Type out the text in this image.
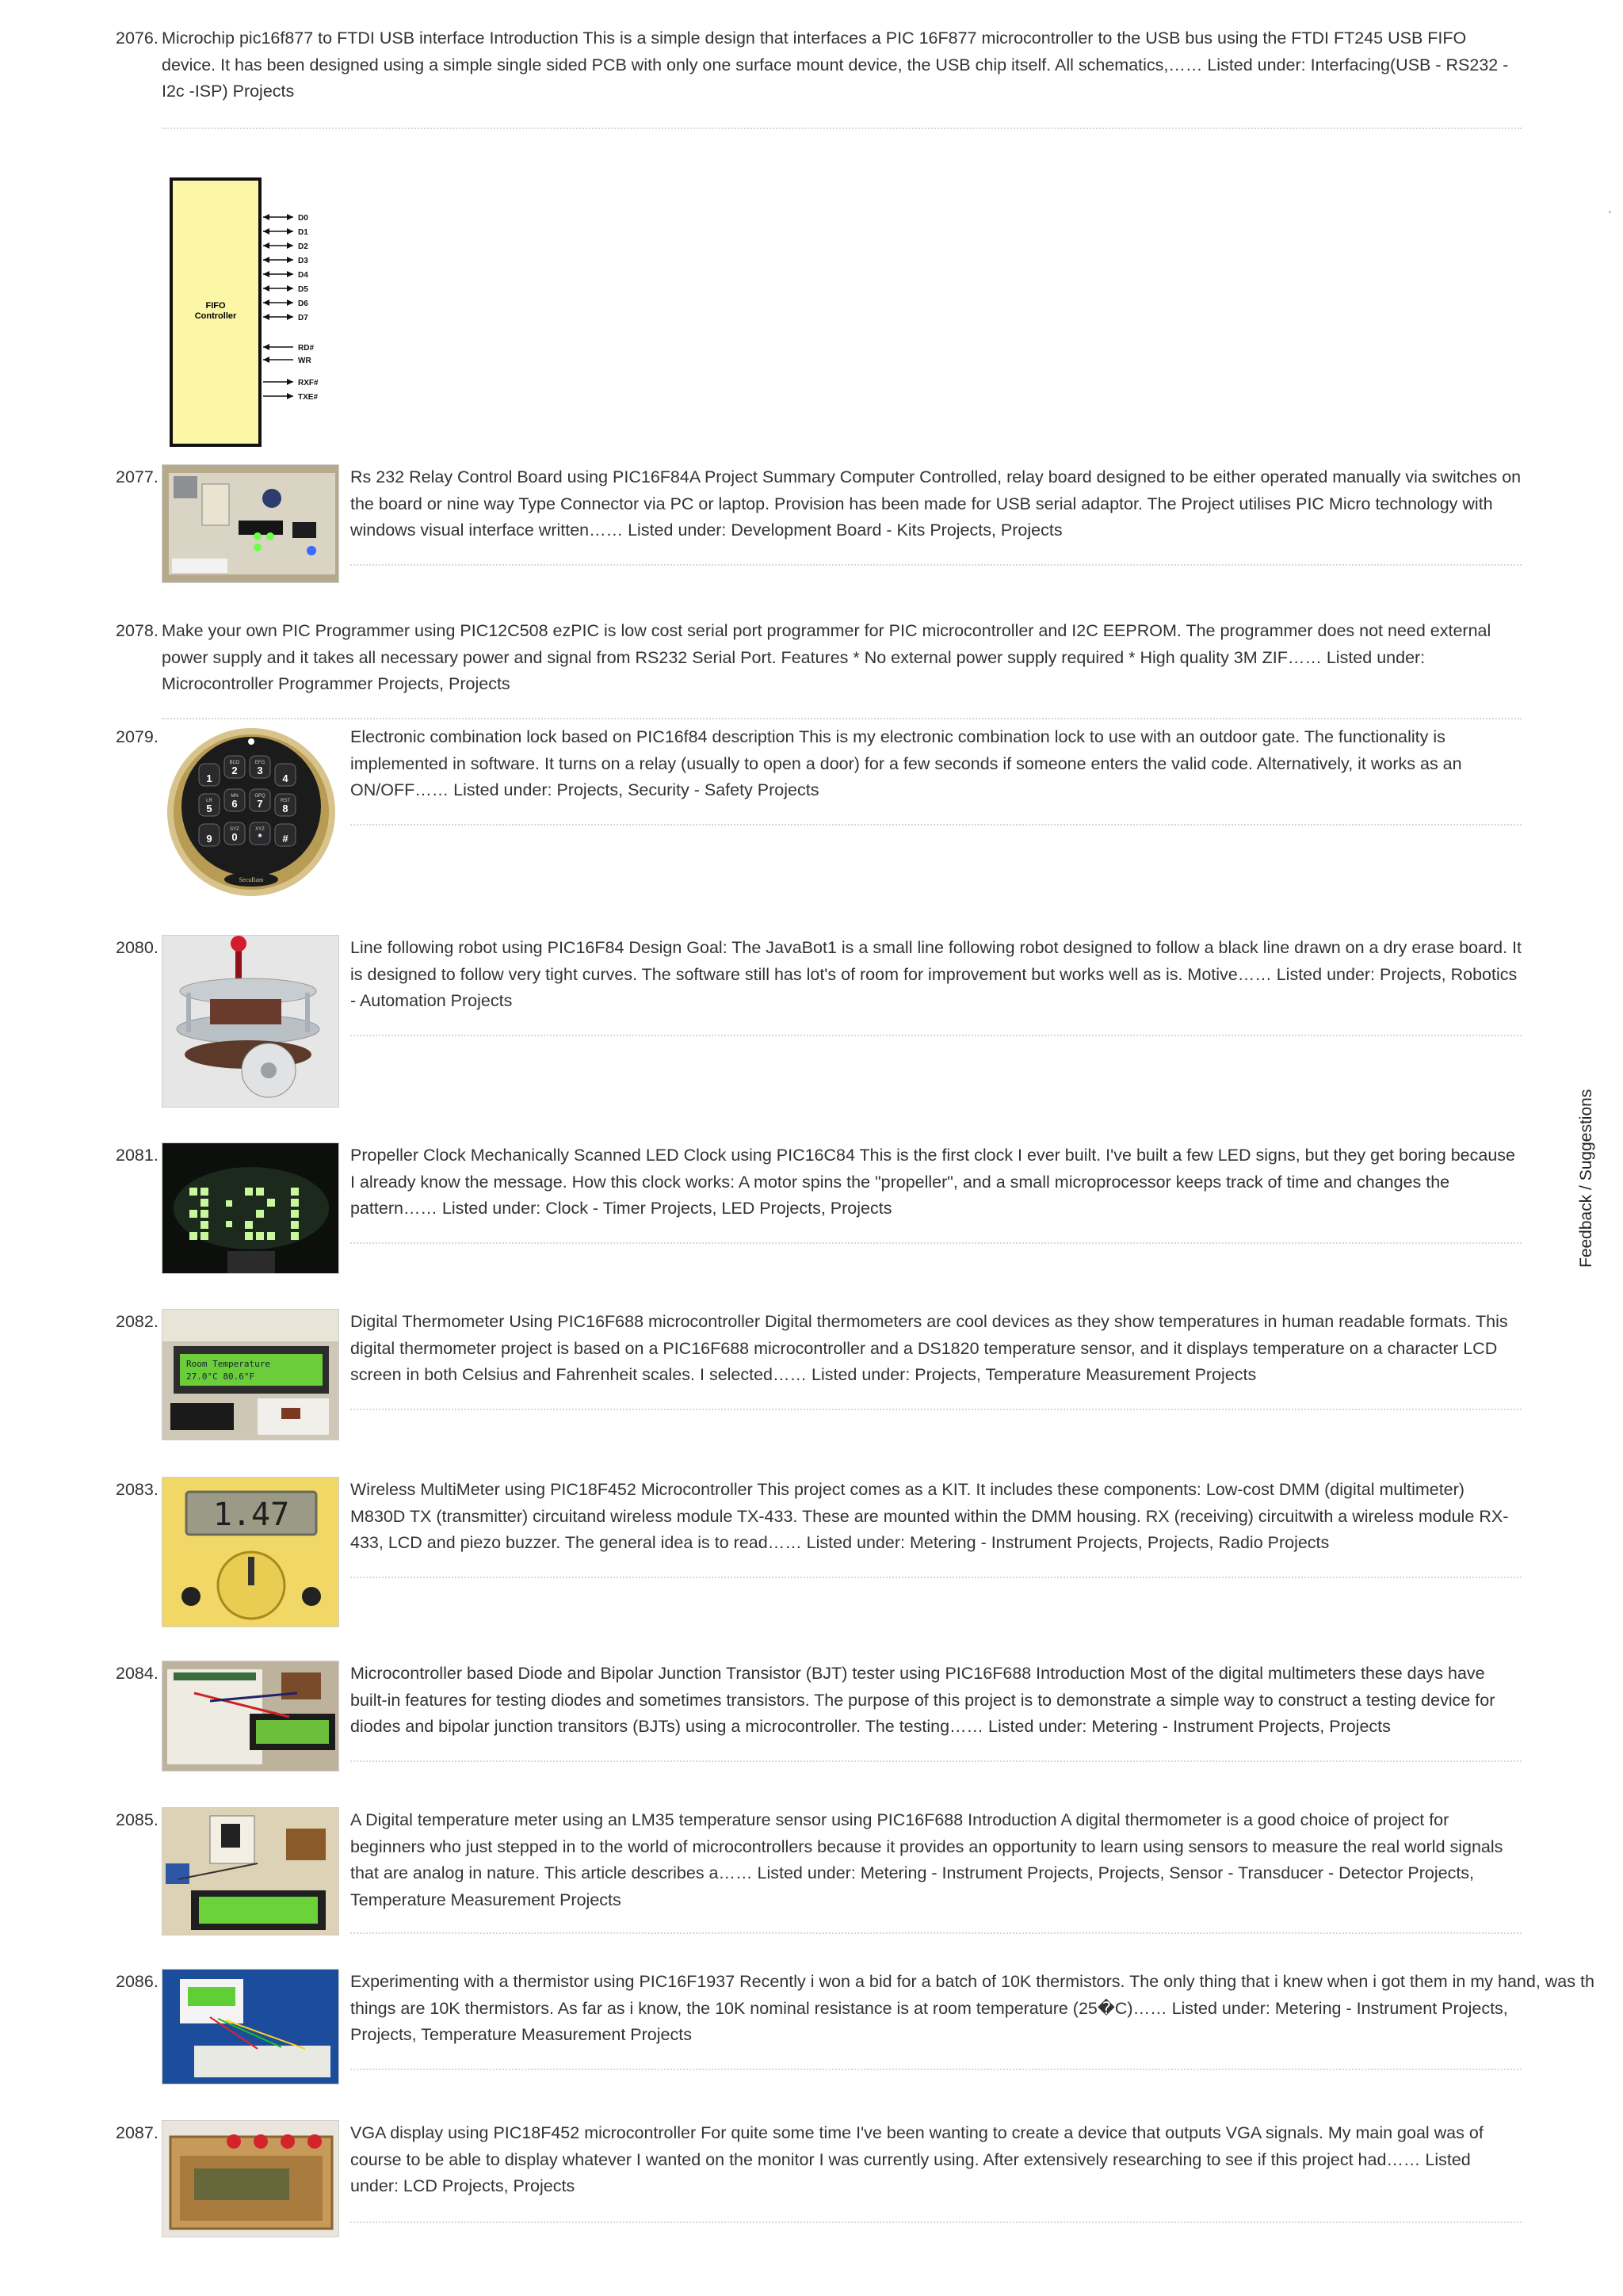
2076. Microchip pic16f877 to FTDI USB interface Introduction This is a simple design that interfaces a PIC 16F877 microcontroller to the USB bus using the FTDI FT245 USB FIFO device. It has been designed using a simple single sided PCB with only one surface mount device, the USB chip itself. All schematics,…… Listed under: Interfacing(USB - RS232 - I2c -ISP) Projects

FIFO
Controller
D0
D1
D2
D3
D4
D5
D6
D7
RD#
WR
RXF#
TXE#
2077.	Rs 232 Relay Control Board using PIC16F84A Project Summary Computer Controlled, relay board designed to be either operated manually via switches on the board or nine way Type Connector via PC or laptop. Provision has been made for USB serial adaptor. The Project utilises PIC Micro technology with windows visual interface written…… Listed under: Development Board - Kits Projects, Projects

2078. Make your own PIC Programmer using PIC12C508 ezPIC is low cost serial port programmer for PIC microcontroller and I2C EEPROM. The programmer does not need external power supply and it takes all necessary power and signal from RS232 Serial Port. Features * No external power supply required * High quality 3M ZIF…… Listed under: Microcontroller Programmer Projects, Projects

2079.
1
BCD
2
EFG
3
4
LR
5
MN
6
OPQ
7	RST
8
9
SYZ
0
XYZ
* #
SecuRam

Electronic combination lock based on PIC16f84 description This is my electronic combination lock to use with an outdoor gate. The functionality is implemented in software. It turns on a relay (usually to open a door) for a few seconds if someone enters the valid code. Alternatively, it works as an ON/OFF…… Listed under: Projects, Security - Safety Projects

2080.	Line following robot using PIC16F84 Design Goal: The JavaBot1 is a small line following robot designed to follow a black line drawn on a dry erase board. It is designed to follow very tight curves. The software still has lot's of room for improvement but works well as is. Motive…… Listed under: Projects, Robotics - Automation Projects

2081.	Propeller Clock Mechanically Scanned LED Clock using PIC16C84 This is the first clock I ever built. I've built a few LED signs, but they get boring because I already know the message. How this clock works: A motor spins the "propeller", and a small microprocessor keeps track of time and changes the pattern…… Listed under: Clock - Timer Projects, LED Projects, Projects

2082.
Room Temperature
27.0°C 80.6°F

Digital Thermometer Using PIC16F688 microcontroller Digital thermometers are cool devices as they show temperatures in human readable formats. This digital thermometer project is based on a PIC16F688 microcontroller and a DS1820 temperature sensor, and it displays temperature on a character LCD screen in both Celsius and Fahrenheit scales. I selected…… Listed under: Projects, Temperature Measurement Projects

2083.
1.47

Wireless MultiMeter using PIC18F452 Microcontroller This project comes as a KIT. It includes these components: Low-cost DMM (digital multimeter) M830D TX (transmitter) circuitand wireless module TX-433. These are mounted within the DMM housing. RX (receiving) circuitwith a wireless module RX-433, LCD and piezo buzzer. The general idea is to read…… Listed under: Metering - Instrument Projects, Projects, Radio Projects

2084.	Microcontroller based Diode and Bipolar Junction Transistor (BJT) tester using PIC16F688 Introduction Most of the digital multimeters these days have built-in features for testing diodes and sometimes transistors. The purpose of this project is to demonstrate a simple way to construct a testing device for diodes and bipolar junction transitors (BJTs) using a microcontroller. The testing…… Listed under: Metering - Instrument Projects, Projects

2085.	A Digital temperature meter using an LM35 temperature sensor using PIC16F688 Introduction A digital thermometer is a good choice of project for beginners who just stepped in to the world of microcontrollers because it provides an opportunity to learn using sensors to measure the real world signals that are analog in nature. This article describes a…… Listed under: Metering - Instrument Projects, Projects, Sensor - Transducer - Detector Projects, Temperature Measurement Projects

2086.	Experimenting with a thermistor using PIC16F1937 Recently i won a bid for a batch of 10K thermistors. The only thing that i knew when i got them in my hand, was th

things are 10K thermistors. As far as i know, the 10K nominal resistance is at room temperature (25�C)…… Listed under: Metering - Instrument Projects, Projects, Temperature Measurement Projects

2087.	VGA display using PIC18F452 microcontroller For quite some time I've been wanting to create a device that outputs VGA signals. My main goal was of course to be able to display whatever I wanted on the monitor I was currently using. After extensively researching to see if this project had…… Listed under: LCD Projects, Projects

Feedback / Suggestions
